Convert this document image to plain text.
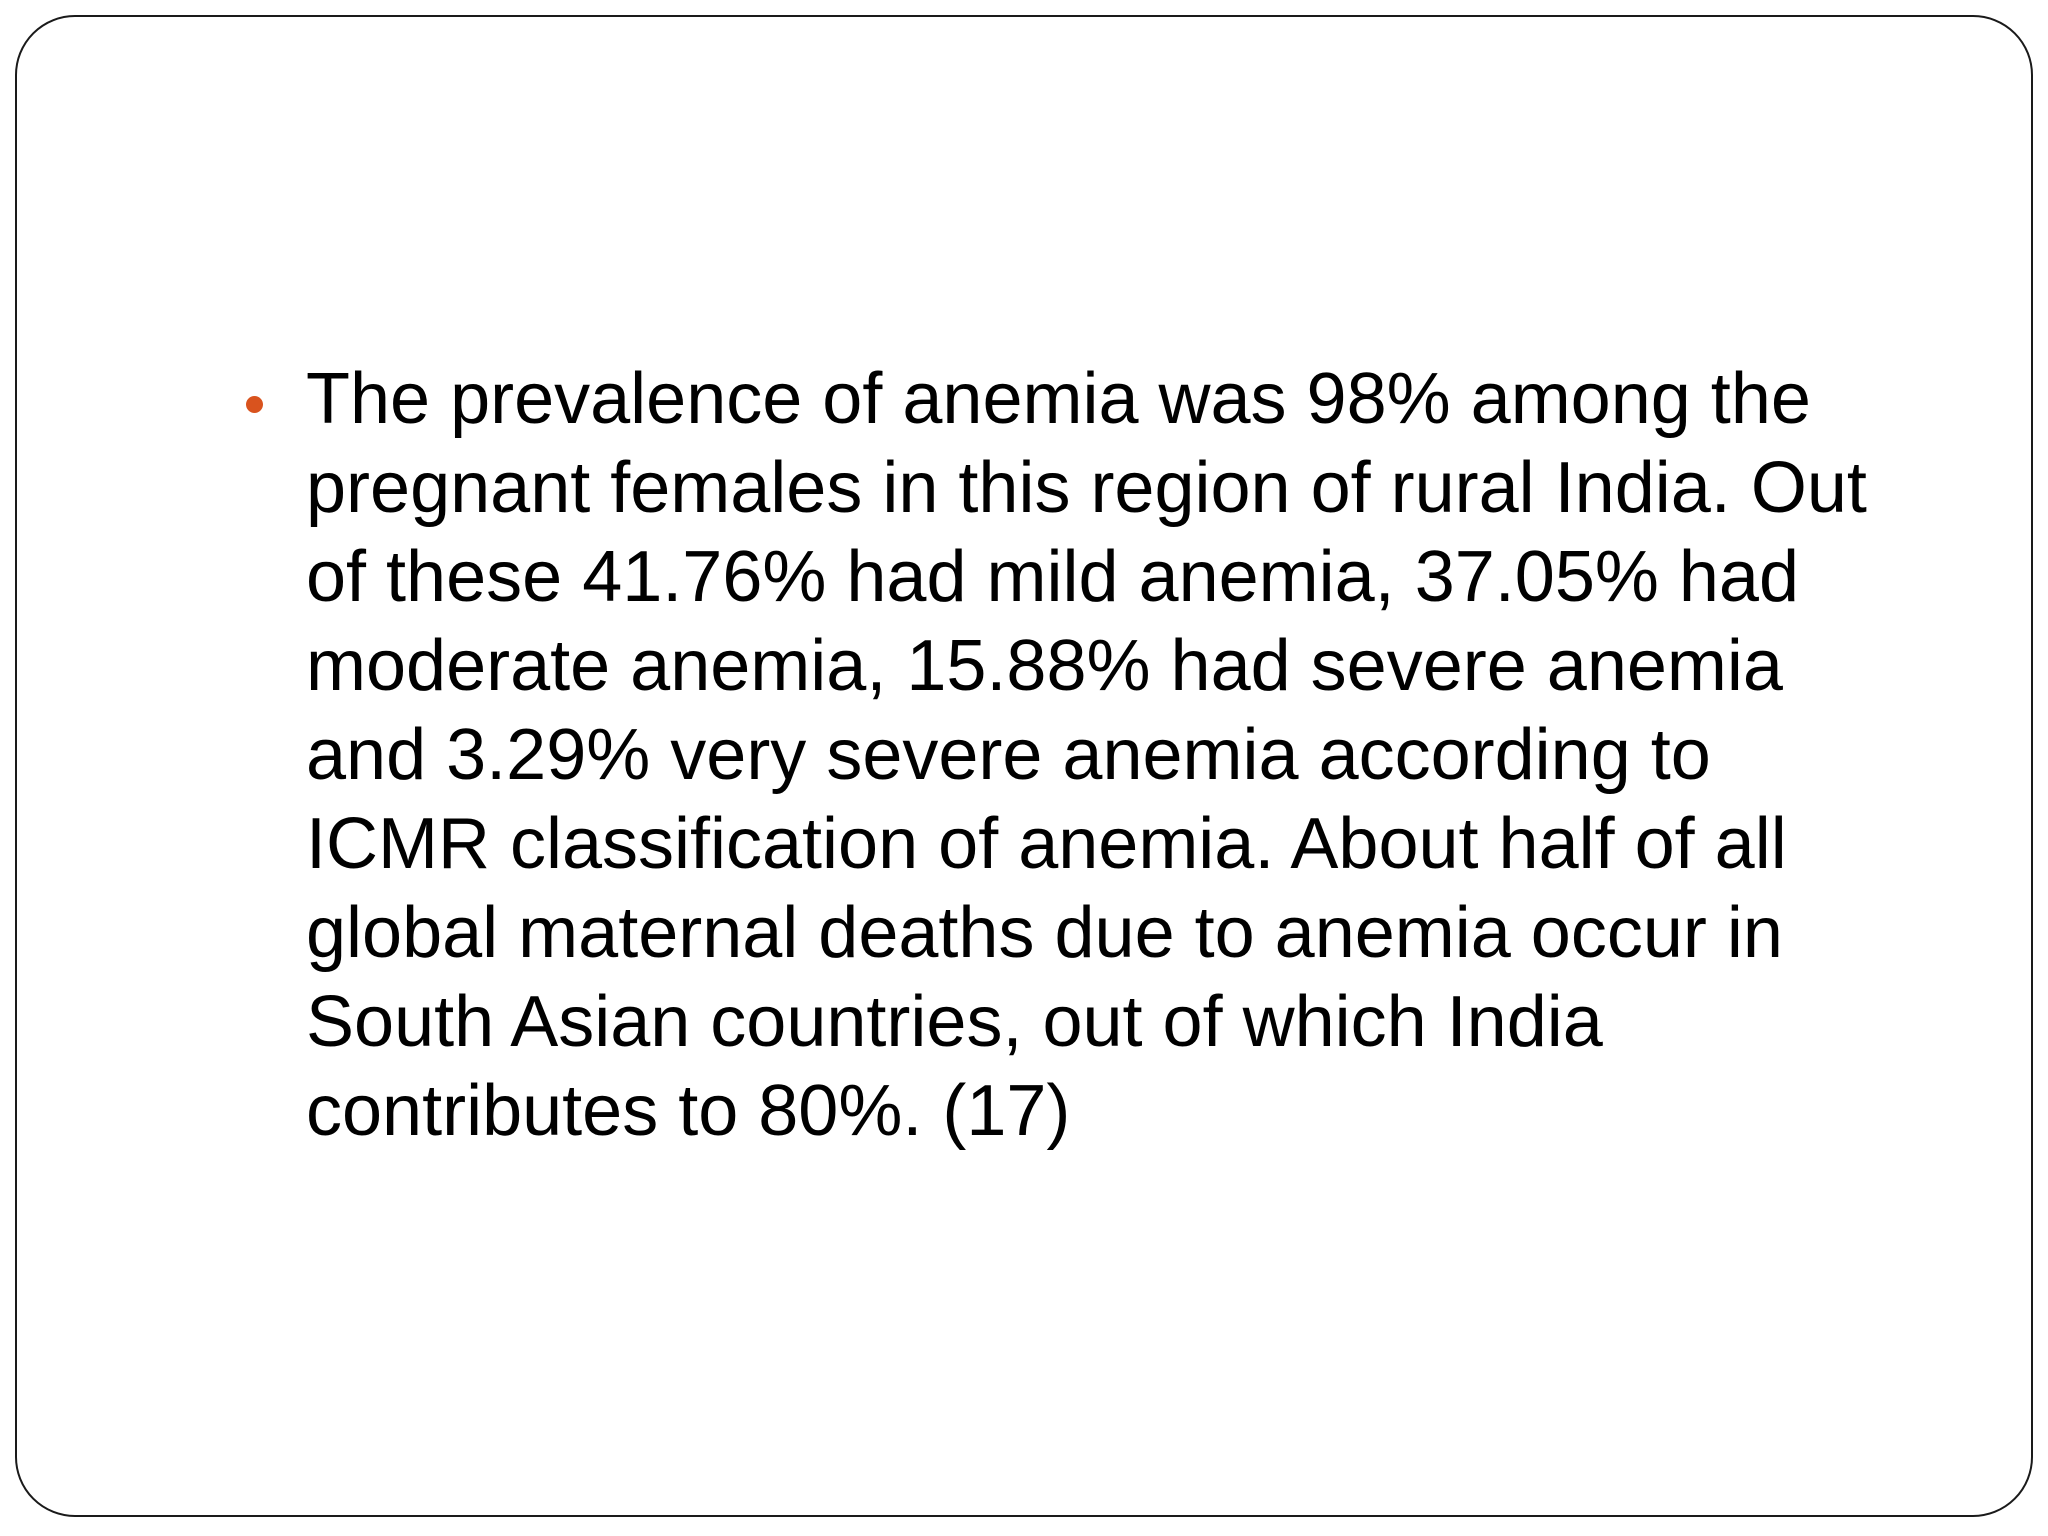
The prevalence of anemia was 98% among the
pregnant females in this region of rural India. Out
of these 41.76% had mild anemia, 37.05% had
moderate anemia, 15.88% had severe anemia
and 3.29% very severe anemia according to
ICMR classification of anemia. About half of all
global maternal deaths due to anemia occur in
South Asian countries, out of which India
contributes to 80%. (17)
